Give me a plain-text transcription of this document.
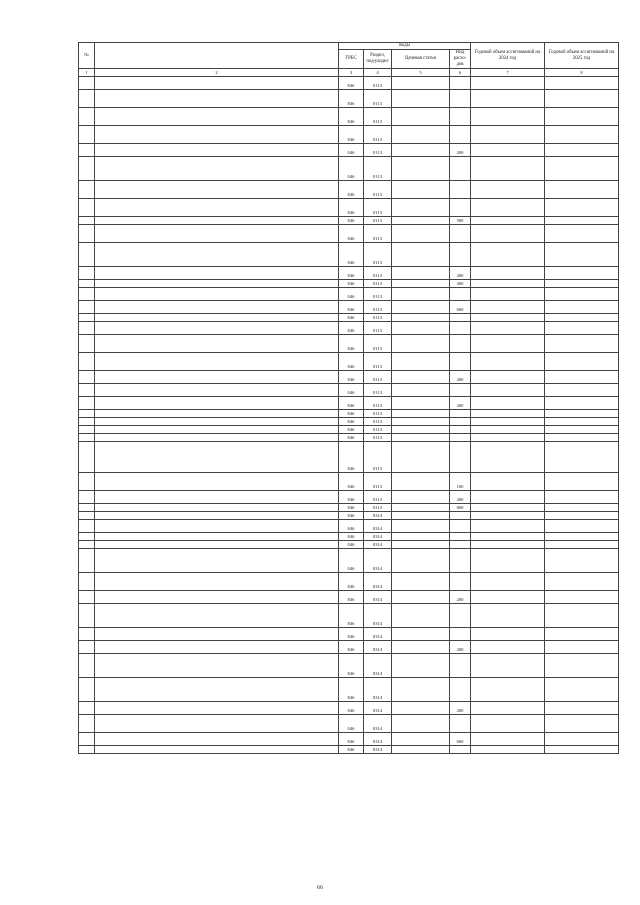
№		Коды				Годовой объем ассигнований на 2024 год	Годовой объем ассигнований на 2025 год
		ГРБС	Раздел, под-раздел	Целевая статья	Вид расхо-дов		
1	2	3	4	5	6	7	8
		846	0113				
		846	0113				
		846	0113				
		846	0113				
		846	0113		200		
		846	0113				
		846	0113				
		846	0113				
		846	0113		500		
		846	0113				
		846	0113				
		846	0113		200		
		846	0113		300		
		846	0113				
		846	0113		600		
		846	0113				
		846	0113				
		846	0113				
		846	0113				
		846	0113		200		
		846	0113				
		846	0113		200		
		846	0113				
		846	0113				
		846	0113				
		846	0113				
		846	0113				
		846	0113		100		
		846	0113		200		
		846	0113		800		
		846	0314				
		846	0314				
		846	0314				
		846	0314				
		846	0314				
		846	0314				
		846	0314		200		
		846	0314				
		846	0314				
		846	0314		200		
		846	0314				
		846	0314				
		846	0314		200		
		846	0314				
		846	0314		600		
		846	0314				
66
